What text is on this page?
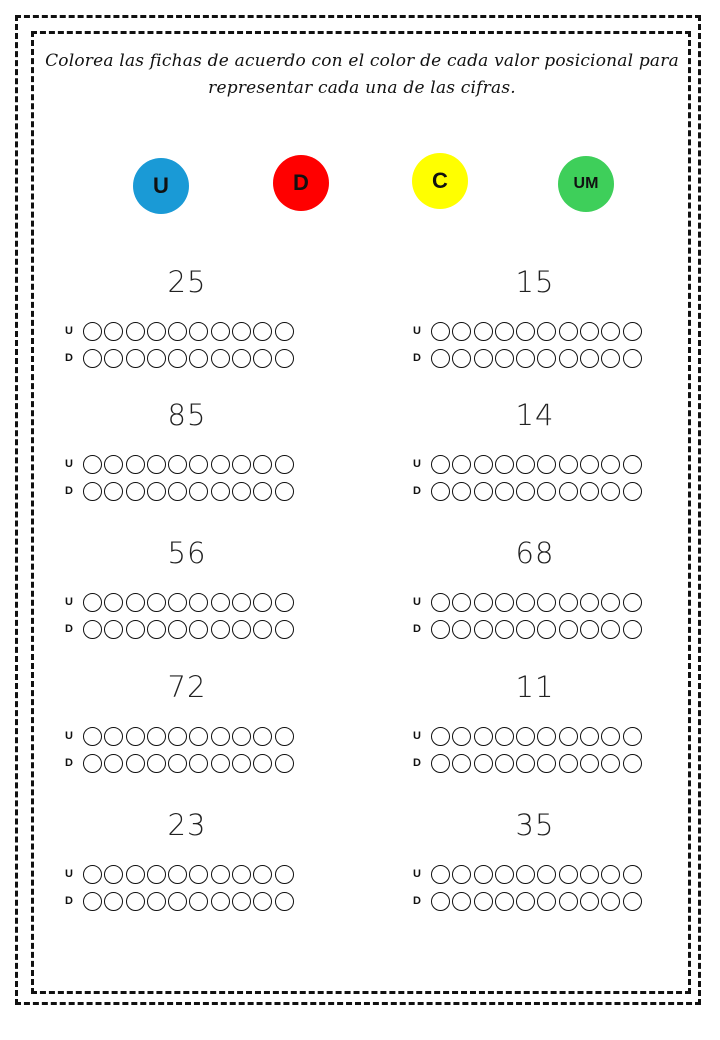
Colorea las fichas de acuerdo con el color de cada valor posicional para
representar cada una de las cifras.
U	D	C	UM
25
U
D
15
U
D
85
U
D
14
U
D
56
U
D
68
U
D
72
U
D
11
U
D
23
U
D
35
U
D
